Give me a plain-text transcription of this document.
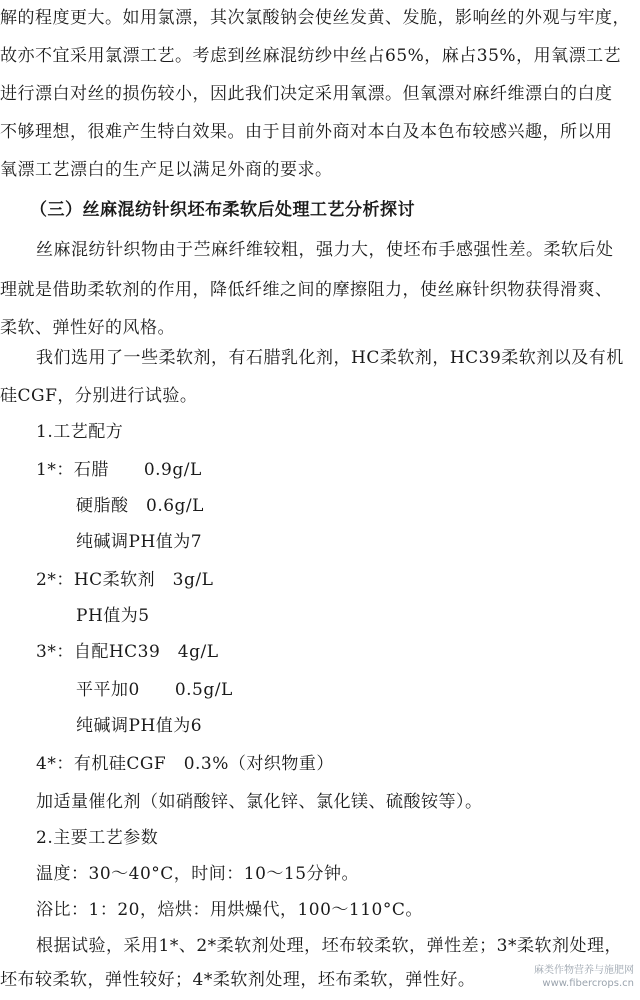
解的程度更大。如用氯漂，其次氯酸钠会使丝发黄、发脆，影响丝的外观与牢度，
故亦不宜采用氯漂工艺。考虑到丝麻混纺纱中丝占65%，麻占35%，用氧漂工艺
进行漂白对丝的损伤较小，因此我们决定采用氧漂。但氧漂对麻纤维漂白的白度
不够理想，很难产生特白效果。由于目前外商对本白及本色布较感兴趣，所以用
氧漂工艺漂白的生产足以满足外商的要求。
（三）丝麻混纺针织坯布柔软后处理工艺分析探讨
丝麻混纺针织物由于苎麻纤维较粗，强力大，使坯布手感强性差。柔软后处
理就是借助柔软剂的作用，降低纤维之间的摩擦阻力，使丝麻针织物获得滑爽、
柔软、弹性好的风格。
我们选用了一些柔软剂，有石腊乳化剂，HC柔软剂，HC39柔软剂以及有机
硅CGF，分别进行试验。
1.工艺配方
1*：石腊　　0.9g/L
硬脂酸　0.6g/L
纯碱调PH值为7
2*：HC柔软剂　3g/L
PH值为5
3*：自配HC39　4g/L
平平加0　　0.5g/L
纯碱调PH值为6
4*：有机硅CGF　0.3%（对织物重）
加适量催化剂（如硝酸锌、氯化锌、氯化镁、硫酸铵等）。
2.主要工艺参数
温度：30～40°C，时间：10～15分钟。
浴比：1：20，焙烘：用烘燥代，100～110°C。
根据试验，采用1*、2*柔软剂处理，坯布较柔软，弹性差；3*柔软剂处理，
坯布较柔软，弹性较好；4*柔软剂处理，坯布柔软，弹性好。	麻类作物营养与施肥网
www.fibercrops.cn
